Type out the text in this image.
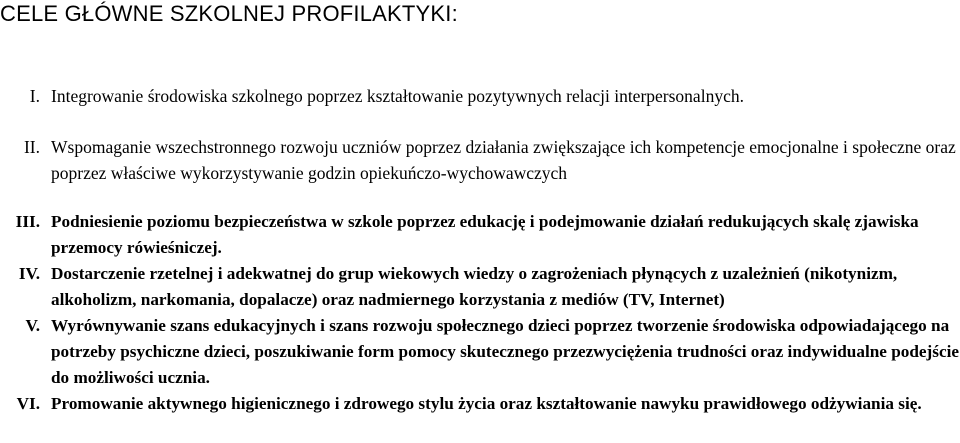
CELE GŁÓWNE SZKOLNEJ PROFILAKTYKI:
I. Integrowanie środowiska szkolnego poprzez kształtowanie pozytywnych relacji interpersonalnych.
II. Wspomaganie wszechstronnego rozwoju uczniów poprzez działania zwiększające ich kompetencje emocjonalne i społeczne oraz poprzez właściwe wykorzystywanie godzin opiekuńczo-wychowawczych
III. Podniesienie poziomu bezpieczeństwa w szkole poprzez edukację i podejmowanie działań redukujących skalę zjawiska przemocy rówieśniczej.
IV. Dostarczenie rzetelnej i adekwatnej do grup wiekowych wiedzy o zagrożeniach płynących z uzależnień (nikotynizm, alkoholizm, narkomania, dopalacze) oraz nadmiernego korzystania z mediów (TV, Internet)
V. Wyrównywanie szans edukacyjnych i szans rozwoju społecznego dzieci poprzez tworzenie środowiska odpowiadającego na potrzeby psychiczne dzieci, poszukiwanie form pomocy skutecznego przezwyciężenia trudności oraz indywidualne podejście do możliwości ucznia.
VI. Promowanie aktywnego higienicznego i zdrowego stylu życia oraz kształtowanie nawyku prawidłowego odżywiania się.
